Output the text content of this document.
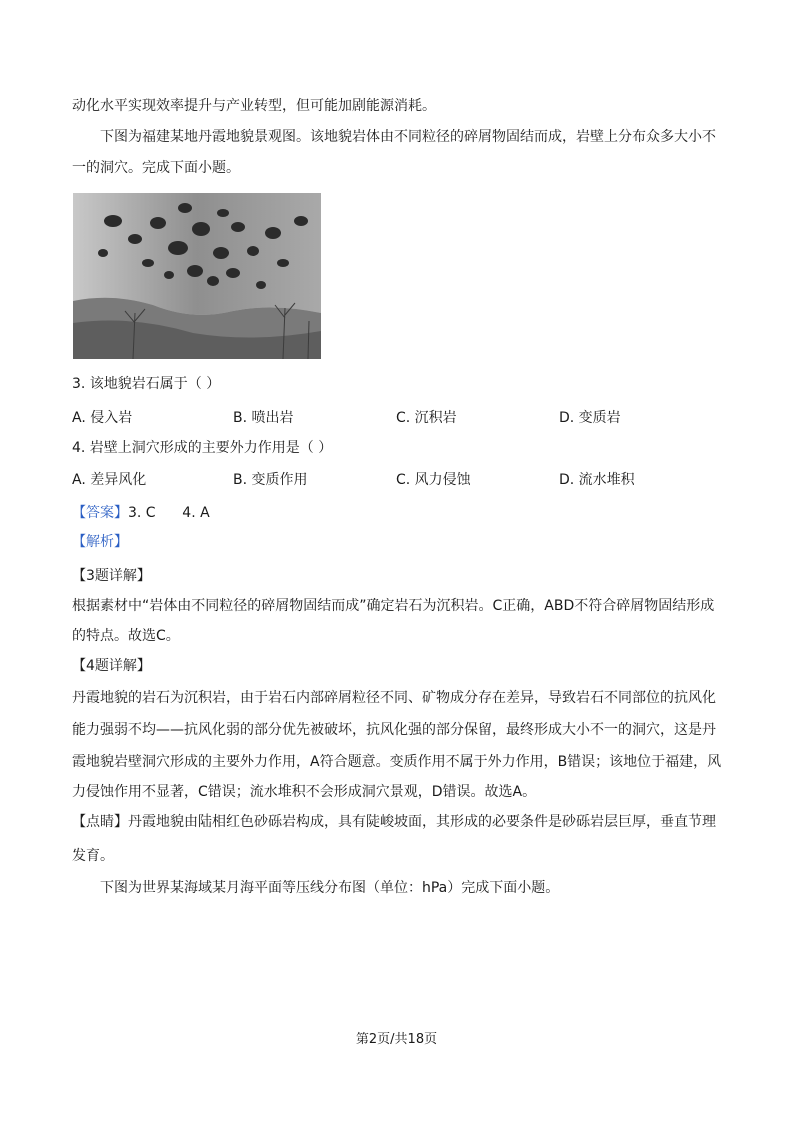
动化水平实现效率提升与产业转型，但可能加剧能源消耗。
下图为福建某地丹霞地貌景观图。该地貌岩体由不同粒径的碎屑物固结而成，岩壁上分布众多大小不
一的洞穴。完成下面小题。
3. 该地貌岩石属于（ ）
A. 侵入岩	B. 喷出岩	C. 沉积岩	D. 变质岩
4. 岩壁上洞穴形成的主要外力作用是（ ）
A. 差异风化	B. 变质作用	C. 风力侵蚀	D. 流水堆积
【答案】3. C      4. A
【解析】
【3题详解】
根据素材中“岩体由不同粒径的碎屑物固结而成”确定岩石为沉积岩。C正确，ABD不符合碎屑物固结形成
的特点。故选C。
【4题详解】
丹霞地貌的岩石为沉积岩，由于岩石内部碎屑粒径不同、矿物成分存在差异，导致岩石不同部位的抗风化
能力强弱不均——抗风化弱的部分优先被破坏，抗风化强的部分保留，最终形成大小不一的洞穴，这是丹
霞地貌岩壁洞穴形成的主要外力作用，A符合题意。变质作用不属于外力作用，B错误；该地位于福建，风
力侵蚀作用不显著，C错误；流水堆积不会形成洞穴景观，D错误。故选A。
【点睛】丹霞地貌由陆相红色砂砾岩构成，具有陡峻坡面，其形成的必要条件是砂砾岩层巨厚，垂直节理
发育。
下图为世界某海域某月海平面等压线分布图（单位：hPa）完成下面小题。
第2页/共18页
